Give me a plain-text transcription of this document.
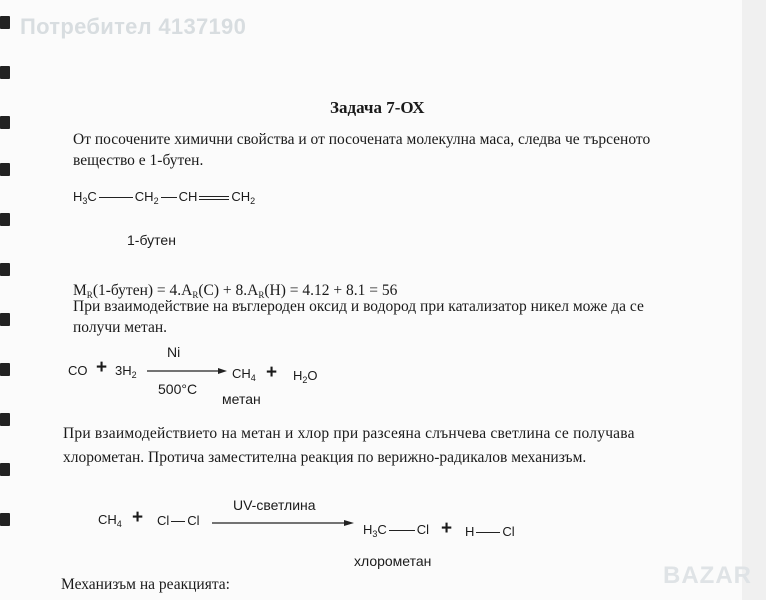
Потребител 4137190
Задача 7-ОХ
От посочените химични свойства и от посочената молекулна маса, следва че търсеното
вещество е 1-бутен.
$H_3C$	$CH_2$ CH	$CH_2$
1-бутен
MR(1-бутен) = 4.AR(C) + 8.AR(H) = 4.12 + 8.1 = 56
При взаимодействие на въглероден оксид и водород при катализатор никел може да се
получи метан.
CO + $3H_2$
Ni
500°C
$CH_4 + H_2O$
метан
При взаимодействието на метан и хлор при разсеяна слънчева светлина се получава
хлорометан. Протича заместителна реакция по верижно-радикалов механизъм.
$CH_4 + Cl$ Cl
UV-светлина
$H_3C$ Cl + H Cl
хлорометан
Механизъм на реакцията:	BAZAR
